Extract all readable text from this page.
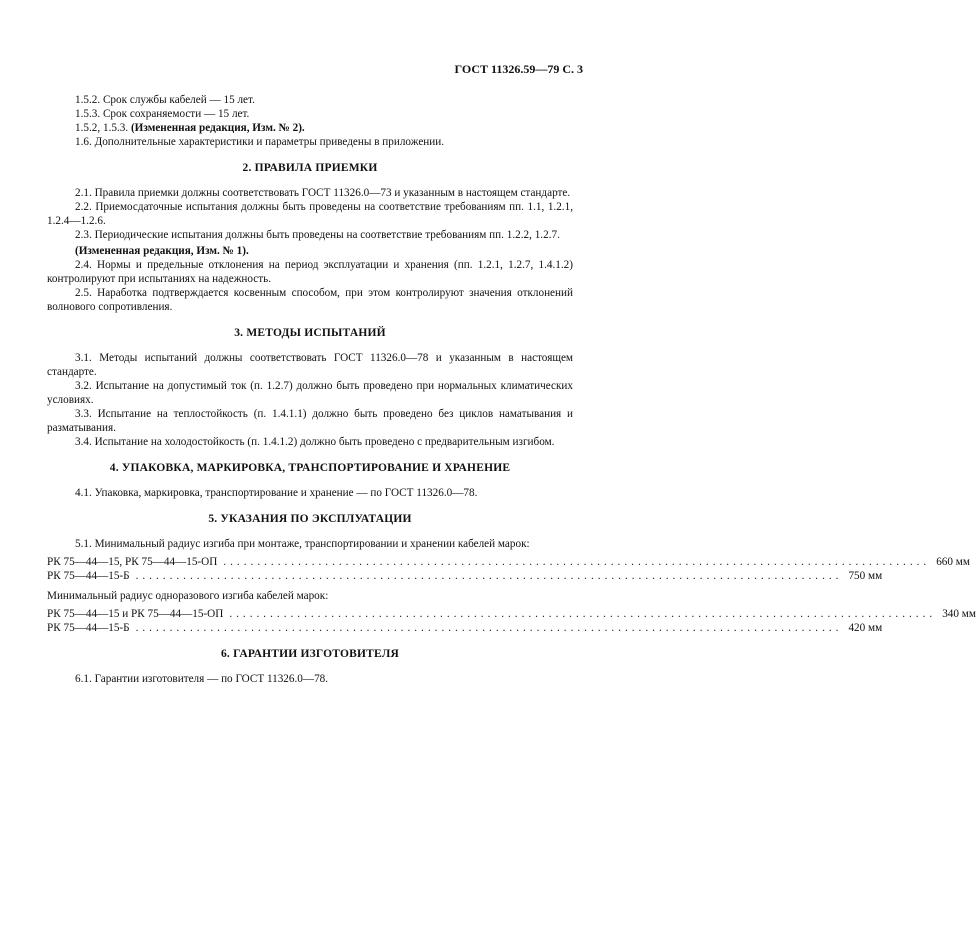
ГОСТ 11326.59—79 С. 3

1.5.2. Срок службы кабелей — 15 лет.

1.5.3. Срок сохраняемости — 15 лет.

1.5.2, 1.5.3. (Измененная редакция, Изм. № 2).

1.6. Дополнительные характеристики и параметры приведены в приложении.

2. ПРАВИЛА ПРИЕМКИ

2.1. Правила приемки должны соответствовать ГОСТ 11326.0—73 и указанным в настоящем стандарте.

2.2. Приемосдаточные испытания должны быть проведены на соответствие требованиям пп. 1.1, 1.2.1, 1.2.4—1.2.6.

2.3. Периодические испытания должны быть проведены на соответствие требованиям пп. 1.2.2, 1.2.7.

(Измененная редакция, Изм. № 1).

2.4. Нормы и предельные отклонения на период эксплуатации и хранения (пп. 1.2.1, 1.2.7, 1.4.1.2) контролируют при испытаниях на надежность.

2.5. Наработка подтверждается косвенным способом, при этом контролируют значения отклонений волнового сопротивления.

3. МЕТОДЫ ИСПЫТАНИЙ

3.1. Методы испытаний должны соответствовать ГОСТ 11326.0—78 и указанным в настоящем стандарте.

3.2. Испытание на допустимый ток (п. 1.2.7) должно быть проведено при нормальных климатических условиях.

3.3. Испытание на теплостойкость (п. 1.4.1.1) должно быть проведено без циклов наматывания и разматывания.

3.4. Испытание на холодостойкость (п. 1.4.1.2) должно быть проведено с предварительным изгибом.

4. УПАКОВКА, МАРКИРОВКА, ТРАНСПОРТИРОВАНИЕ И ХРАНЕНИЕ

4.1. Упаковка, маркировка, транспортирование и хранение — по ГОСТ 11326.0—78.

5. УКАЗАНИЯ ПО ЭКСПЛУАТАЦИИ

5.1. Минимальный радиус изгиба при монтаже, транспортировании и хранении кабелей марок:

РК 75—44—15, РК 75—44—15-ОП ........................................................................................................ 660 мм
РК 75—44—15-Б ........................................................................................................ 750 мм

Минимальный радиус одноразового изгиба кабелей марок:

РК 75—44—15 и РК 75—44—15-ОП ........................................................................................................ 340 мм
РК 75—44—15-Б ........................................................................................................ 420 мм

6. ГАРАНТИИ ИЗГОТОВИТЕЛЯ

6.1. Гарантии изготовителя — по ГОСТ 11326.0—78.
